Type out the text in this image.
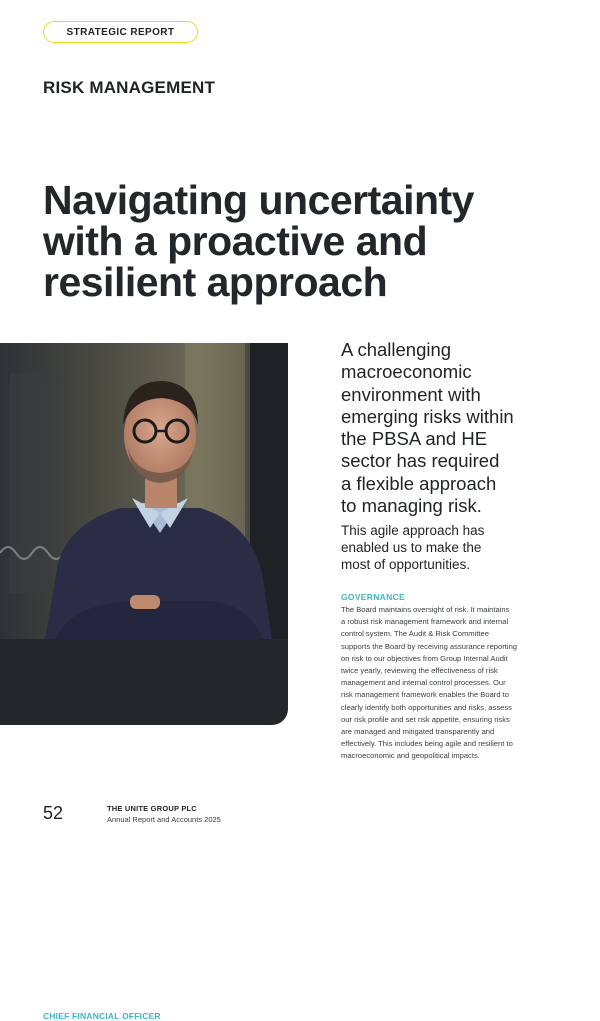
STRATEGIC REPORT
RISK MANAGEMENT
Navigating uncertainty
with a proactive and
resilient approach
MIKE BURT
CHIEF FINANCIAL OFFICER
A challenging
macroeconomic
environment with
emerging risks within
the PBSA and HE
sector has required
a flexible approach
to managing risk.
This agile approach has
enabled us to make the
most of opportunities.
GOVERNANCE
The Board maintains oversight of risk. It maintains
a robust risk management framework and internal
control system. The Audit & Risk Committee
supports the Board by receiving assurance reporting
on risk to our objectives from Group Internal Audit
twice yearly, reviewing the effectiveness of risk
management and internal control processes. Our
risk management framework enables the Board to
clearly identify both opportunities and risks, assess
our risk profile and set risk appetite, ensuring risks
are managed and mitigated transparently and
effectively. This includes being agile and resilient to
macroeconomic and geopolitical impacts.
52	THE UNITE GROUP PLC
Annual Report and Accounts 2025
